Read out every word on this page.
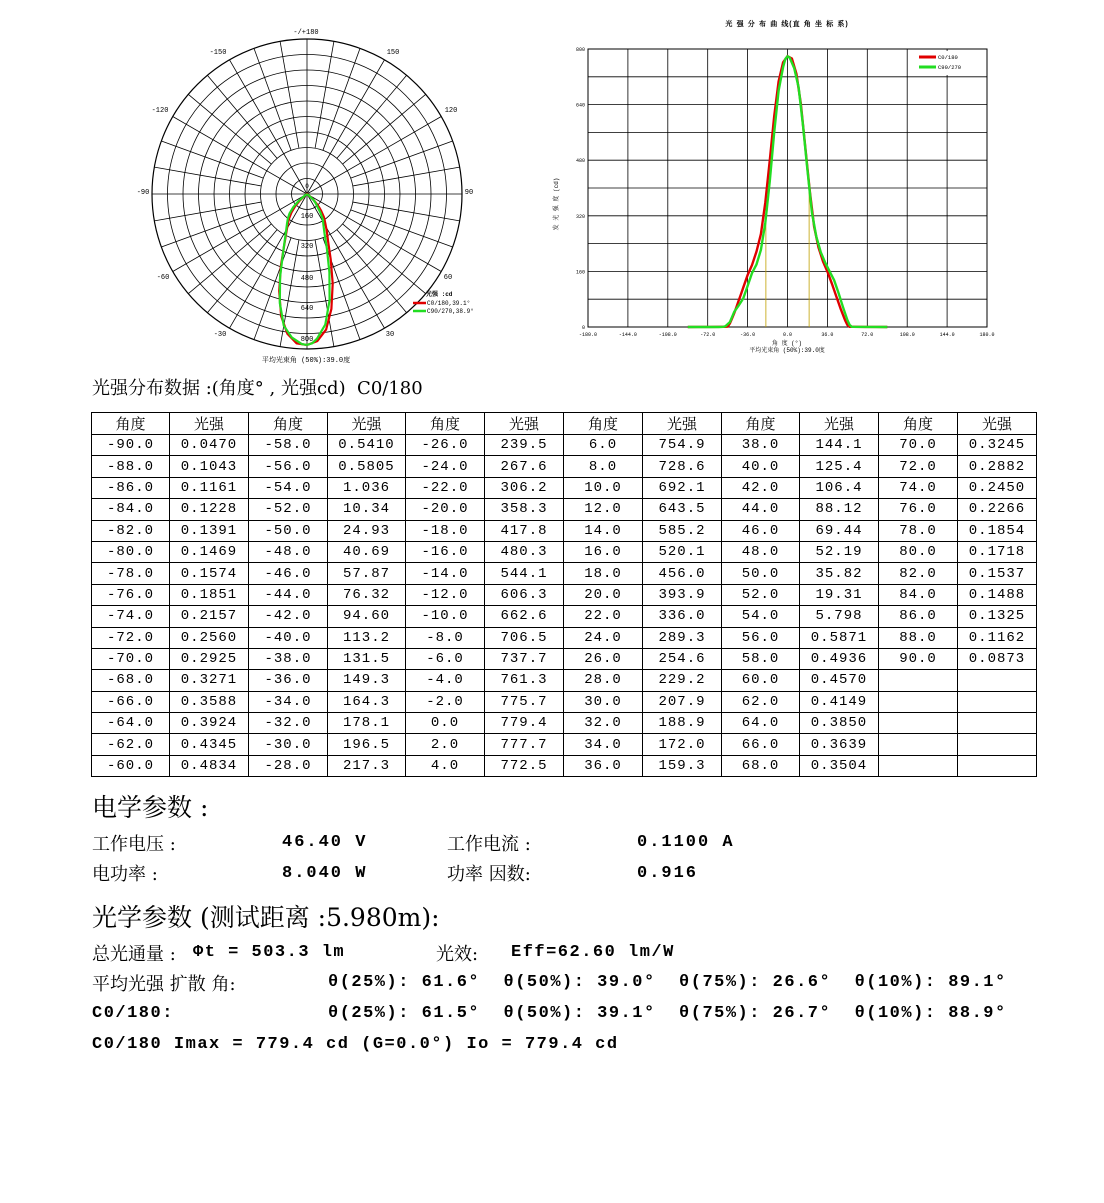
-/+180
-150	150
-120	120
-90	90
-60	60
-30	30
0
160
320
480
640
800
光强 :cd
C0/180,39.1°
C90/270,38.9°
平均光束角 (50%):39.0度
光 强 分 布 曲 线(直 角 坐 标 系)
-180.0	-144.0	-108.0	-72.0	-36.0	0.0	36.0	72.0	108.0	144.0	180.0
0
160
320
480
640
800
发 光 强 度 (cd)
角 度 (°)
平均光束角 (50%):39.0度
C0/180
C90/270
光强分布数据 :(角度° , 光强cd)  C0/180
角度	光强	角度	光强	角度	光强	角度	光强	角度	光强	角度	光强
-90.0	0.0470	-58.0	0.5410	-26.0	239.5	6.0	754.9	38.0	144.1	70.0	0.3245
-88.0	0.1043	-56.0	0.5805	-24.0	267.6	8.0	728.6	40.0	125.4	72.0	0.2882
-86.0	0.1161	-54.0	1.036	-22.0	306.2	10.0	692.1	42.0	106.4	74.0	0.2450
-84.0	0.1228	-52.0	10.34	-20.0	358.3	12.0	643.5	44.0	88.12	76.0	0.2266
-82.0	0.1391	-50.0	24.93	-18.0	417.8	14.0	585.2	46.0	69.44	78.0	0.1854
-80.0	0.1469	-48.0	40.69	-16.0	480.3	16.0	520.1	48.0	52.19	80.0	0.1718
-78.0	0.1574	-46.0	57.87	-14.0	544.1	18.0	456.0	50.0	35.82	82.0	0.1537
-76.0	0.1851	-44.0	76.32	-12.0	606.3	20.0	393.9	52.0	19.31	84.0	0.1488
-74.0	0.2157	-42.0	94.60	-10.0	662.6	22.0	336.0	54.0	5.798	86.0	0.1325
-72.0	0.2560	-40.0	113.2	-8.0	706.5	24.0	289.3	56.0	0.5871	88.0	0.1162
-70.0	0.2925	-38.0	131.5	-6.0	737.7	26.0	254.6	58.0	0.4936	90.0	0.0873
-68.0	0.3271	-36.0	149.3	-4.0	761.3	28.0	229.2	60.0	0.4570		
-66.0	0.3588	-34.0	164.3	-2.0	775.7	30.0	207.9	62.0	0.4149		
-64.0	0.3924	-32.0	178.1	0.0	779.4	32.0	188.9	64.0	0.3850		
-62.0	0.4345	-30.0	196.5	2.0	777.7	34.0	172.0	66.0	0.3639		
-60.0	0.4834	-28.0	217.3	4.0	772.5	36.0	159.3	68.0	0.3504		
电学参数 :
工作电压 :	46.40 V	工作电流 :	0.1100 A
电功率 :	8.040 W	功率 因数:	0.916
光学参数 (测试距离 :5.980m):
总光通量 : Φt = 503.3 lm	光效: Eff=62.60 lm/W
平均光强 扩散 角:	θ(25%): 61.6°  θ(50%): 39.0°  θ(75%): 26.6°  θ(10%): 89.1°
C0/180:	θ(25%): 61.5°  θ(50%): 39.1°  θ(75%): 26.7°  θ(10%): 88.9°
C0/180 Imax = 779.4 cd (G=0.0°) Io = 779.4 cd
